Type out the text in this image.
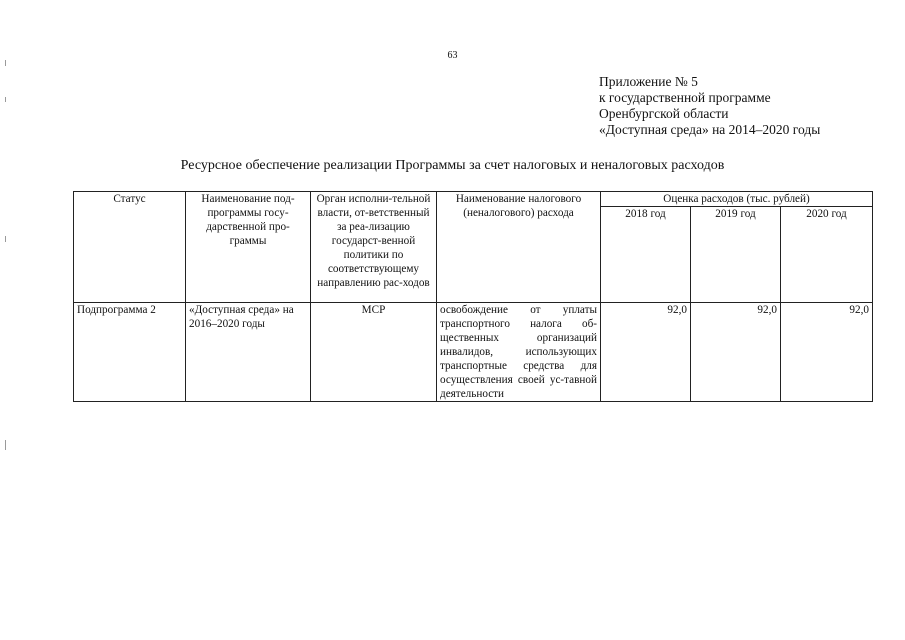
63
Приложение № 5
к государственной программе
Оренбургской области
«Доступная среда» на 2014–2020 годы
Ресурсное обеспечение реализации Программы за счет налоговых и неналоговых расходов
Статус	Наименование под-программы госу-дарственной про-граммы	Орган исполни-тельной власти, от-ветственный за реа-лизацию государст-венной политики по соответствующему направлению рас-ходов	Наименование налогового (неналогового) расхода	Оценка расходов (тыс. рублей)		
				2018 год	2019 год	2020 год
Подпрограмма 2	«Доступная среда» на 2016–2020 годы	МСР	освобождение от уплаты транспортного налога об-щественных организаций инвалидов, использующих транспортные средства для осуществления своей ус-тавной деятельности	92,0	92,0	92,0
